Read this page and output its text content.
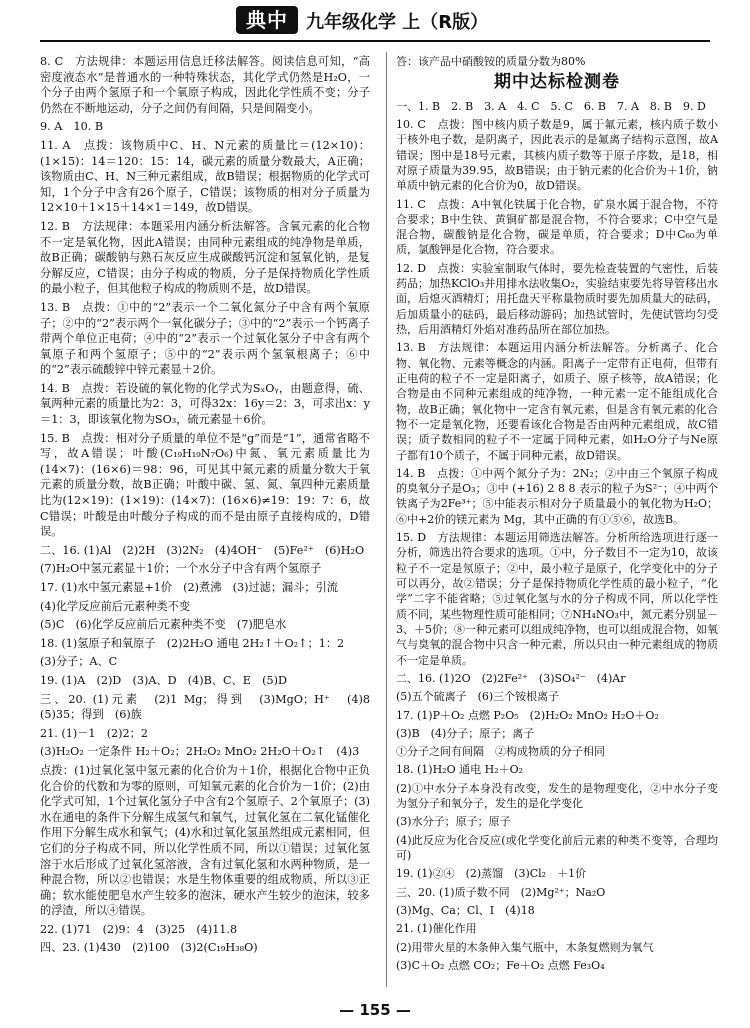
典中	九年级化学 上（R版）

8. C　方法规律：本题运用信息迁移法解答。阅读信息可知，“高密度液态水”是普通水的一种特殊状态，其化学式仍然是H₂O，一个分子由两个氢原子和一个氧原子构成，因此化学性质不变；分子仍然在不断地运动，分子之间仍有间隔，只是间隔变小。

9. A　10. B

11. A　点拨：该物质中C、H、N元素的质量比＝(12×10)：(1×15)：14＝120：15：14，碳元素的质量分数最大，A正确；该物质由C、H、N三种元素组成，故B错误；根据物质的化学式可知，1个分子中含有26个原子，C错误；该物质的相对分子质量为12×10＋1×15＋14×1＝149，故D错误。

12. B　方法规律：本题采用内涵分析法解答。含氧元素的化合物不一定是氧化物，因此A错误；由同种元素组成的纯净物是单质，故B正确；碳酸钠与熟石灰反应生成碳酸钙沉淀和氢氧化钠，是复分解反应，C错误；由分子构成的物质，分子是保持物质化学性质的最小粒子，但其他粒子构成的物质则不是，故D错误。

13. B　点拨：①中的“2”表示一个二氧化氮分子中含有两个氧原子；②中的“2”表示两个一氧化碳分子；③中的“2”表示一个钙离子带两个单位正电荷；④中的“2”表示一个过氧化氢分子中含有两个氧原子和两个氢原子；⑤中的“2”表示两个氢氧根离子；⑥中的“2”表示硫酸锌中锌元素显＋2价。

14. B　点拨：若设硫的氧化物的化学式为SₓOᵧ，由题意得，硫、氧两种元素的质量比为2：3，可得32x：16y＝2：3，可求出x：y＝1：3，即该氧化物为SO₃，硫元素显＋6价。

15. B　点拨：相对分子质量的单位不是“g”而是“1”，通常省略不写，故A错误；叶酸(C₁₉H₁₉N₇O₆)中氮、氧元素质量比为(14×7)：(16×6)＝98：96，可见其中氮元素的质量分数大于氧元素的质量分数，故B正确；叶酸中碳、氢、氮、氧四种元素质量比为(12×19)：(1×19)：(14×7)：(16×6)≠19：19：7：6，故C错误；叶酸是由叶酸分子构成的而不是由原子直接构成的，D错误。

二、16. (1)Al　(2)2H　(3)2N₂　(4)4OH⁻　(5)Fe²⁺　(6)H₂O

(7)H₂O中氢元素显＋1价；一个水分子中含有两个氢原子

17. (1)水中氢元素显+1价　(2)煮沸　(3)过滤；漏斗；引流

(4)化学反应前后元素种类不变

(5)C　(6)化学反应前后元素种类不变　(7)肥皂水

18. (1)氢原子和氧原子　(2)2H₂O 通电 2H₂↑＋O₂↑；1：2

(3)分子；A、C

19. (1)A　(2)D　(3)A、D　(4)B、C、E　(5)D

三、20. (1)元素　(2)1 Mg；得到　(3)MgO；H⁺　(4)8　(5)35；得到　(6)族

21. (1)－1　(2)2；2

(3)H₂O₂ 一定条件 H₂＋O₂；2H₂O₂ MnO₂ 2H₂O＋O₂↑　(4)3

点拨：(1)过氧化氢中氢元素的化合价为＋1价，根据化合物中正负化合价的代数和为零的原则，可知氧元素的化合价为－1价；(2)由化学式可知，1个过氧化氢分子中含有2个氢原子、2个氧原子；(3)水在通电的条件下分解生成氢气和氧气，过氧化氢在二氧化锰催化作用下分解生成水和氧气；(4)水和过氧化氢虽然组成元素相同，但它们的分子构成不同，所以化学性质不同，所以①错误；过氧化氢溶于水后形成了过氧化氢溶液，含有过氧化氢和水两种物质，是一种混合物，所以②也错误；水是生物体重要的组成物质，所以③正确；软水能使肥皂水产生较多的泡沫，硬水产生较少的泡沫，较多的浮渣，所以④错误。

22. (1)71　(2)9：4　(3)25　(4)11.8

四、23. (1)430　(2)100　(3)2(C₁₉H₃₈O)

答：该产品中硝酸铵的质量分数为80%

期中达标检测卷

一、1. B　2. B　3. A　4. C　5. C　6. B　7. A　8. B　9. D

10. C　点拨：图中核内质子数是9，属于氟元素，核内质子数小于核外电子数，是阴离子，因此表示的是氟离子结构示意图，故A错误；图中是18号元素，其核内质子数等于原子序数，是18，相对原子质量为39.95，故B错误；由于钠元素的化合价为＋1价，钠单质中钠元素的化合价为0，故D错误。

11. C　点拨：A中氧化铁属于化合物，矿泉水属于混合物，不符合要求；B中生铁、黄铜矿都是混合物，不符合要求；C中空气是混合物，碳酸钠是化合物，碳是单质，符合要求；D中C₆₀为单质，氯酸钾是化合物，符合要求。

12. D　点拨：实验室制取气体时，要先检查装置的气密性，后装药品；加热KClO₃并用排水法收集O₂，实验结束要先将导管移出水面，后熄灭酒精灯；用托盘天平称量物质时要先加质量大的砝码，后加质量小的砝码，最后移动游码；加热试管时，先使试管均匀受热，后用酒精灯外焰对准药品所在部位加热。

13. B　方法规律：本题运用内涵分析法解答。分析离子、化合物、氧化物、元素等概念的内涵。阳离子一定带有正电荷，但带有正电荷的粒子不一定是阳离子，如质子、原子核等，故A错误；化合物是由不同种元素组成的纯净物，一种元素一定不能组成化合物，故B正确；氧化物中一定含有氧元素，但是含有氧元素的化合物不一定是氧化物，还要看该化合物是否由两种元素组成，故C错误；质子数相同的粒子不一定属于同种元素，如H₂O分子与Ne原子都有10个质子，不属于同种元素，故D错误。

14. B　点拨：①中两个氮分子为：2N₂；②中由三个氧原子构成的臭氧分子是O₃；③中 (+16) 2 8 8 表示的粒子为S²⁻；④中两个铁离子为2Fe³⁺；⑤中能表示相对分子质量最小的氧化物为H₂O；⑥中+2价的镁元素为 Mg，其中正确的有①⑤⑥，故选B。

15. D　方法规律：本题运用筛选法解答。分析所给选项进行逐一分析，筛选出符合要求的选项。①中，分子数目不一定为10，故该粒子不一定是氖原子；②中，最小粒子是原子，化学变化中的分子可以再分，故②错误；分子是保持物质化学性质的最小粒子，“化学”二字不能省略；⑤过氧化氢与水的分子构成不同，所以化学性质不同，某些物理性质可能相同；⑦NH₄NO₃中，氮元素分别显－3、＋5价；⑧一种元素可以组成纯净物，也可以组成混合物，如氧气与臭氧的混合物中只含一种元素，所以只由一种元素组成的物质不一定是单质。

二、16. (1)2O　(2)2Fe²⁺　(3)SO₄²⁻　(4)Ar

(5)五个硫离子　(6)三个铵根离子

17. (1)P＋O₂ 点燃 P₂O₅　(2)H₂O₂ MnO₂ H₂O＋O₂

(3)B　(4)分子；原子；离子

①分子之间有间隔　②构成物质的分子相同

18. (1)H₂O 通电 H₂＋O₂

(2)①中水分子本身没有改变，发生的是物理变化，②中水分子变为氢分子和氧分子，发生的是化学变化

(3)水分子；原子；原子

(4)此反应为化合反应(或化学变化前后元素的种类不变等，合理均可)

19. (1)②④　(2)蒸馏　(3)Cl₂　＋1价

三、20. (1)质子数不同　(2)Mg²⁺；Na₂O

(3)Mg、Ca；Cl、I　(4)18

21. (1)催化作用

(2)用带火星的木条伸入集气瓶中，木条复燃则为氧气

(3)C＋O₂ 点燃 CO₂；Fe＋O₂ 点燃 Fe₃O₄

— 155 —
